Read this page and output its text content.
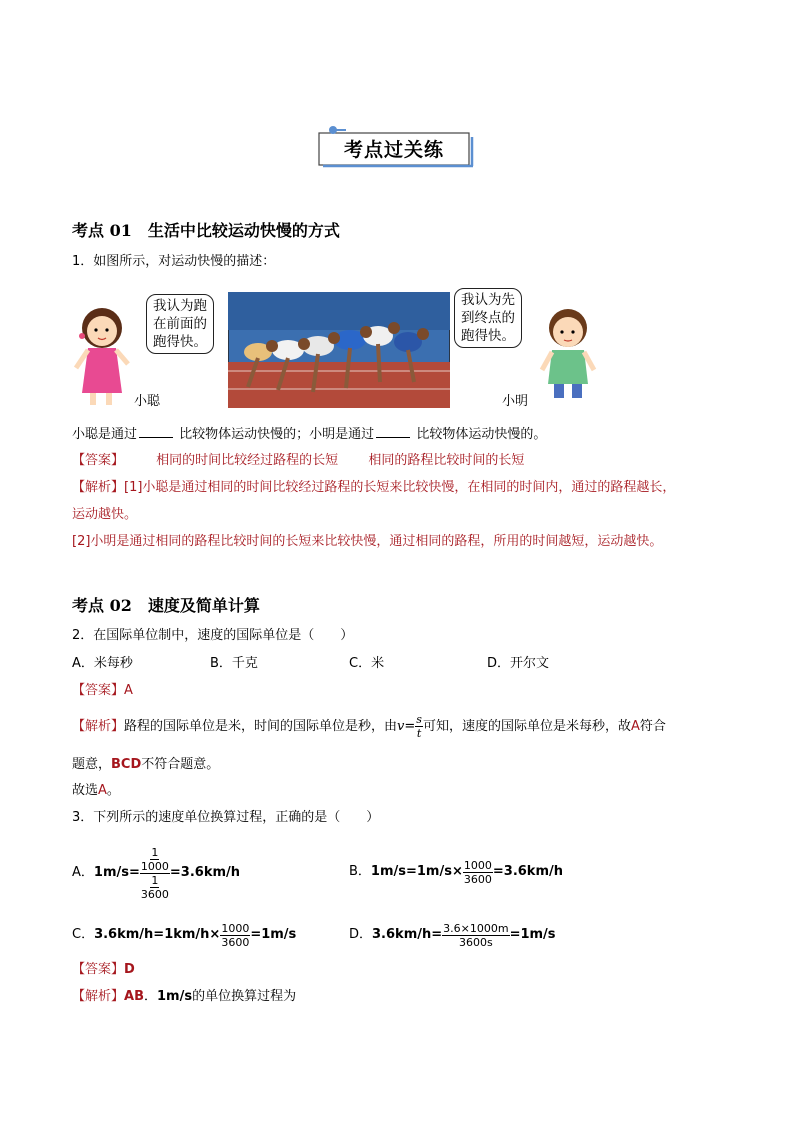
考点过关练
考点 01　生活中比较运动快慢的方式
1．如图所示，对运动快慢的描述：
我认为跑
在前面的
跑得快。
小聪
我认为先
到终点的
跑得快。
小明
小聪是通过	比较物体运动快慢的；小明是通过	比较物体运动快慢的。
【答案】 相同的时间比较经过路程的长短 相同的路程比较时间的长短
【解析】[1]小聪是通过相同的时间比较经过路程的长短来比较快慢，在相同的时间内，通过的路程越长，
运动越快。
[2]小明是通过相同的路程比较时间的长短来比较快慢，通过相同的路程，所用的时间越短，运动越快。
考点 02　速度及简单计算
2．在国际单位制中，速度的国际单位是（　　）
A．米每秒	B．千克	C．米	D．开尔文
【答案】A
【解析】路程的国际单位是米，时间的国际单位是秒，由$v= \frac{s}{t}$ 可知，速度的国际单位是米每秒，故A符合
题意，BCD不符合题意。
故选A。
3．下列所示的速度单位换算过程，正确的是（　　）
A． $1m/s= \frac{1}{1000}$
$\frac{1}{3600}$
=3.6km/h	B． $1m/s=1m/s\times \frac{1000}{3600} =3.6km/h$
C． $3.6km/h=1km/h\times \frac{1000}{3600} =1m/s$	D． $3.6km/h= \frac{3.6\times 1000m}{3600s} =1m/s$
【答案】D
【解析】AB．1m/s的单位换算过程为
